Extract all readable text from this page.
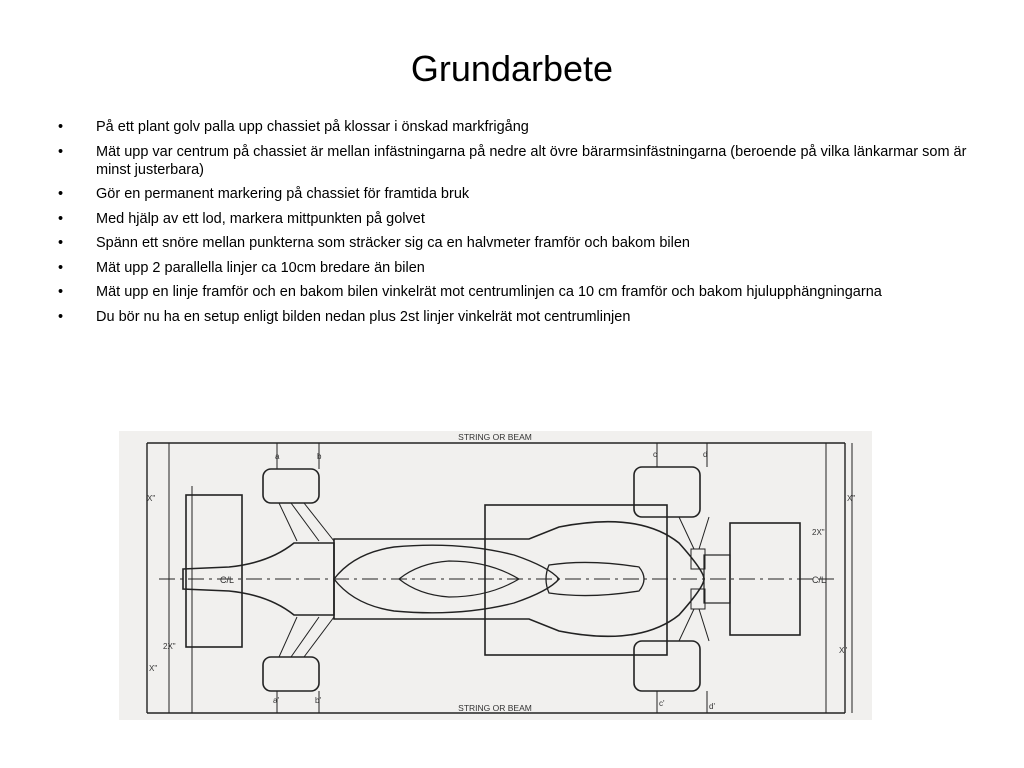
Grundarbete
• På ett plant golv palla upp chassiet på klossar i önskad markfrigång
• Mät upp var centrum på chassiet är mellan infästningarna på nedre alt övre bärarmsinfästningarna (beroende på vilka länkarmar som är minst justerbara)
• Gör en permanent markering på chassiet för framtida bruk
• Med hjälp av ett lod, markera mittpunkten på golvet
• Spänn ett snöre mellan punkterna som sträcker sig ca en halvmeter framför och bakom bilen
• Mät upp 2 parallella linjer ca 10cm bredare än bilen
• Mät upp en linje framför och en bakom bilen vinkelrät mot centrumlinjen ca 10 cm framför och bakom hjulupphängningarna
• Du bör nu ha en setup enligt bilden nedan plus 2st linjer vinkelrät mot centrumlinjen
STRING OR BEAM
STRING OR BEAM
C/L	C/L
X"
2X"
X"
X"
2X"
X"
a	b
a'	b'
c	d
c'	d'
